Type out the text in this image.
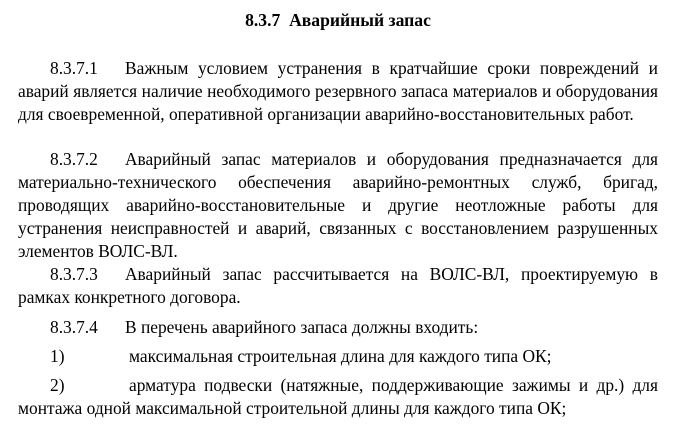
8.3.7 Аварийный запас
8.3.7.1 Важным условием устранения в кратчайшие сроки повреждений и аварий является наличие необходимого резервного запаса материалов и оборудования для своевременной, оперативной организации аварийно-восстановительных работ.
8.3.7.2 Аварийный запас материалов и оборудования предназначается для материально-технического обеспечения аварийно-ремонтных служб, бригад, проводящих аварийно-восстановительные и другие неотложные работы для устранения неисправностей и аварий, связанных с восстановлением разрушенных элементов ВОЛС-ВЛ.
8.3.7.3 Аварийный запас рассчитывается на ВОЛС-ВЛ, проектируемую в рамках конкретного договора.
8.3.7.4 В перечень аварийного запаса должны входить:
1)	максимальная строительная длина для каждого типа ОК;
2)	арматура подвески (натяжные, поддерживающие зажимы и др.) для монтажа одной максимальной строительной длины для каждого типа ОК;
